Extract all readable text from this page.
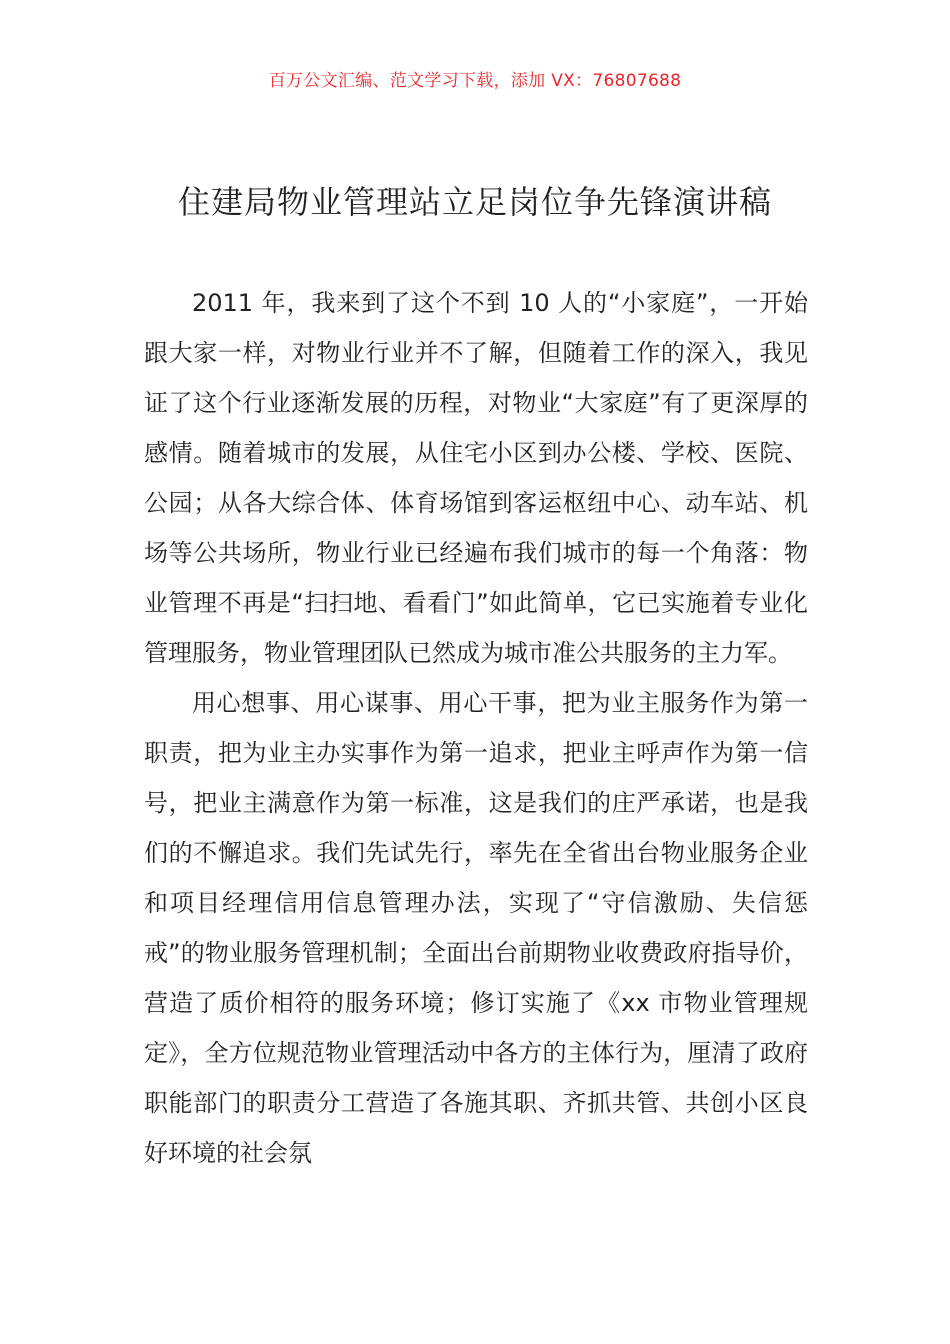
百万公文汇编、范文学习下载，添加 VX：76807688
住建局物业管理站立足岗位争先锋演讲稿

2011 年，我来到了这个不到 10 人的“小家庭”，一开始跟大家一样，对物业行业并不了解，但随着工作的深入，我见证了这个行业逐渐发展的历程，对物业“大家庭”有了更深厚的感情。随着城市的发展，从住宅小区到办公楼、学校、医院、公园；从各大综合体、体育场馆到客运枢纽中心、动车站、机场等公共场所，物业行业已经遍布我们城市的每一个角落：物业管理不再是“扫扫地、看看门”如此简单，它已实施着专业化管理服务，物业管理团队已然成为城市准公共服务的主力军。

用心想事、用心谋事、用心干事，把为业主服务作为第一职责，把为业主办实事作为第一追求，把业主呼声作为第一信号，把业主满意作为第一标准，这是我们的庄严承诺，也是我们的不懈追求。我们先试先行，率先在全省出台物业服务企业和项目经理信用信息管理办法，实现了“守信激励、失信惩戒”的物业服务管理机制；全面出台前期物业收费政府指导价，营造了质价相符的服务环境；修订实施了《xx 市物业管理规定》，全方位规范物业管理活动中各方的主体行为，厘清了政府职能部门的职责分工营造了各施其职、齐抓共管、共创小区良好环境的社会氛
